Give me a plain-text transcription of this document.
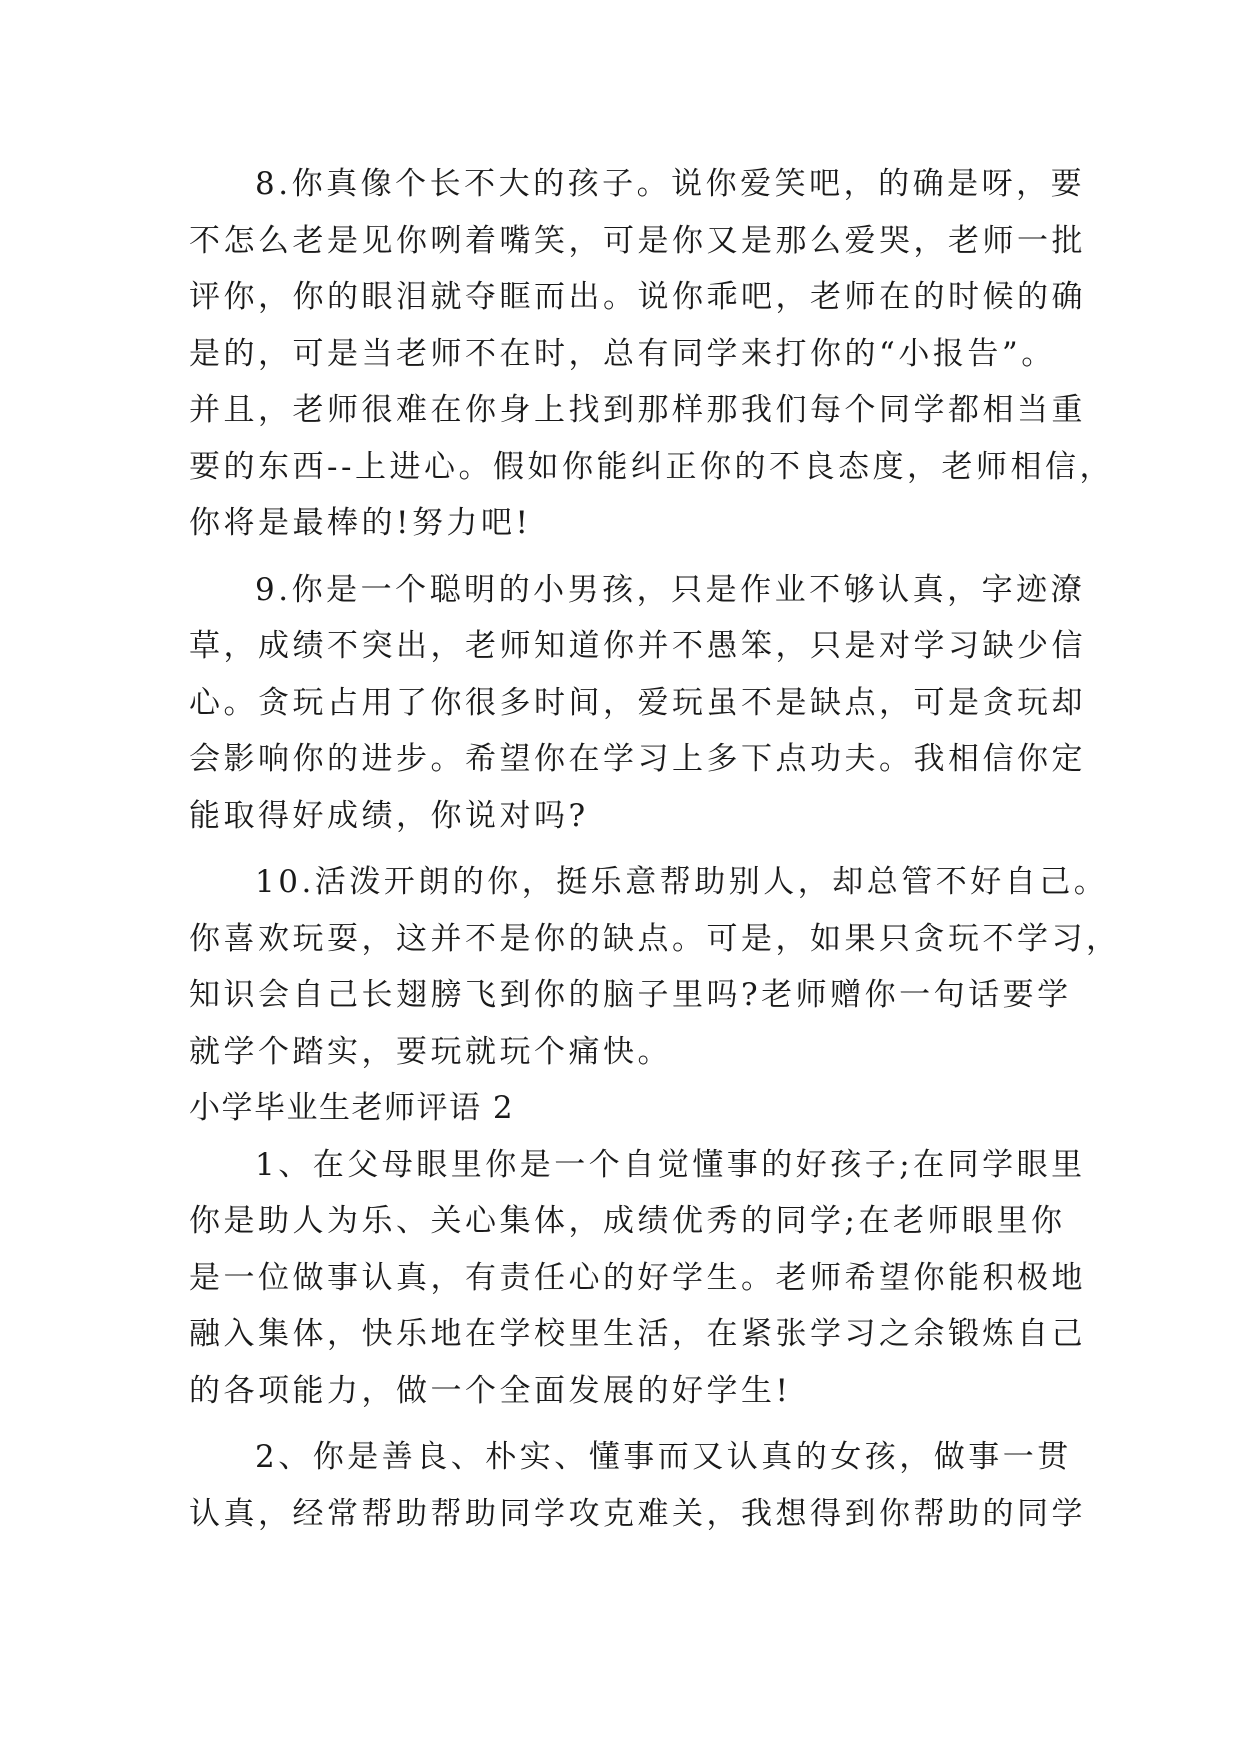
8.你真像个长不大的孩子。说你爱笑吧，的确是呀，要
不怎么老是见你咧着嘴笑，可是你又是那么爱哭，老师一批
评你，你的眼泪就夺眶而出。说你乖吧，老师在的时候的确
是的，可是当老师不在时，总有同学来打你的“小报告”。
并且，老师很难在你身上找到那样那我们每个同学都相当重
要的东西--上进心。假如你能纠正你的不良态度，老师相信，
你将是最棒的!努力吧!
9.你是一个聪明的小男孩，只是作业不够认真，字迹潦
草，成绩不突出，老师知道你并不愚笨，只是对学习缺少信
心。贪玩占用了你很多时间，爱玩虽不是缺点，可是贪玩却
会影响你的进步。希望你在学习上多下点功夫。我相信你定
能取得好成绩，你说对吗?
10.活泼开朗的你，挺乐意帮助别人，却总管不好自己。
你喜欢玩耍，这并不是你的缺点。可是，如果只贪玩不学习，
知识会自己长翅膀飞到你的脑子里吗?老师赠你一句话要学
就学个踏实，要玩就玩个痛快。
小学毕业生老师评语 2
1、在父母眼里你是一个自觉懂事的好孩子;在同学眼里
你是助人为乐、关心集体，成绩优秀的同学;在老师眼里你
是一位做事认真，有责任心的好学生。老师希望你能积极地
融入集体，快乐地在学校里生活，在紧张学习之余锻炼自己
的各项能力，做一个全面发展的好学生!
2、你是善良、朴实、懂事而又认真的女孩，做事一贯
认真，经常帮助帮助同学攻克难关，我想得到你帮助的同学
